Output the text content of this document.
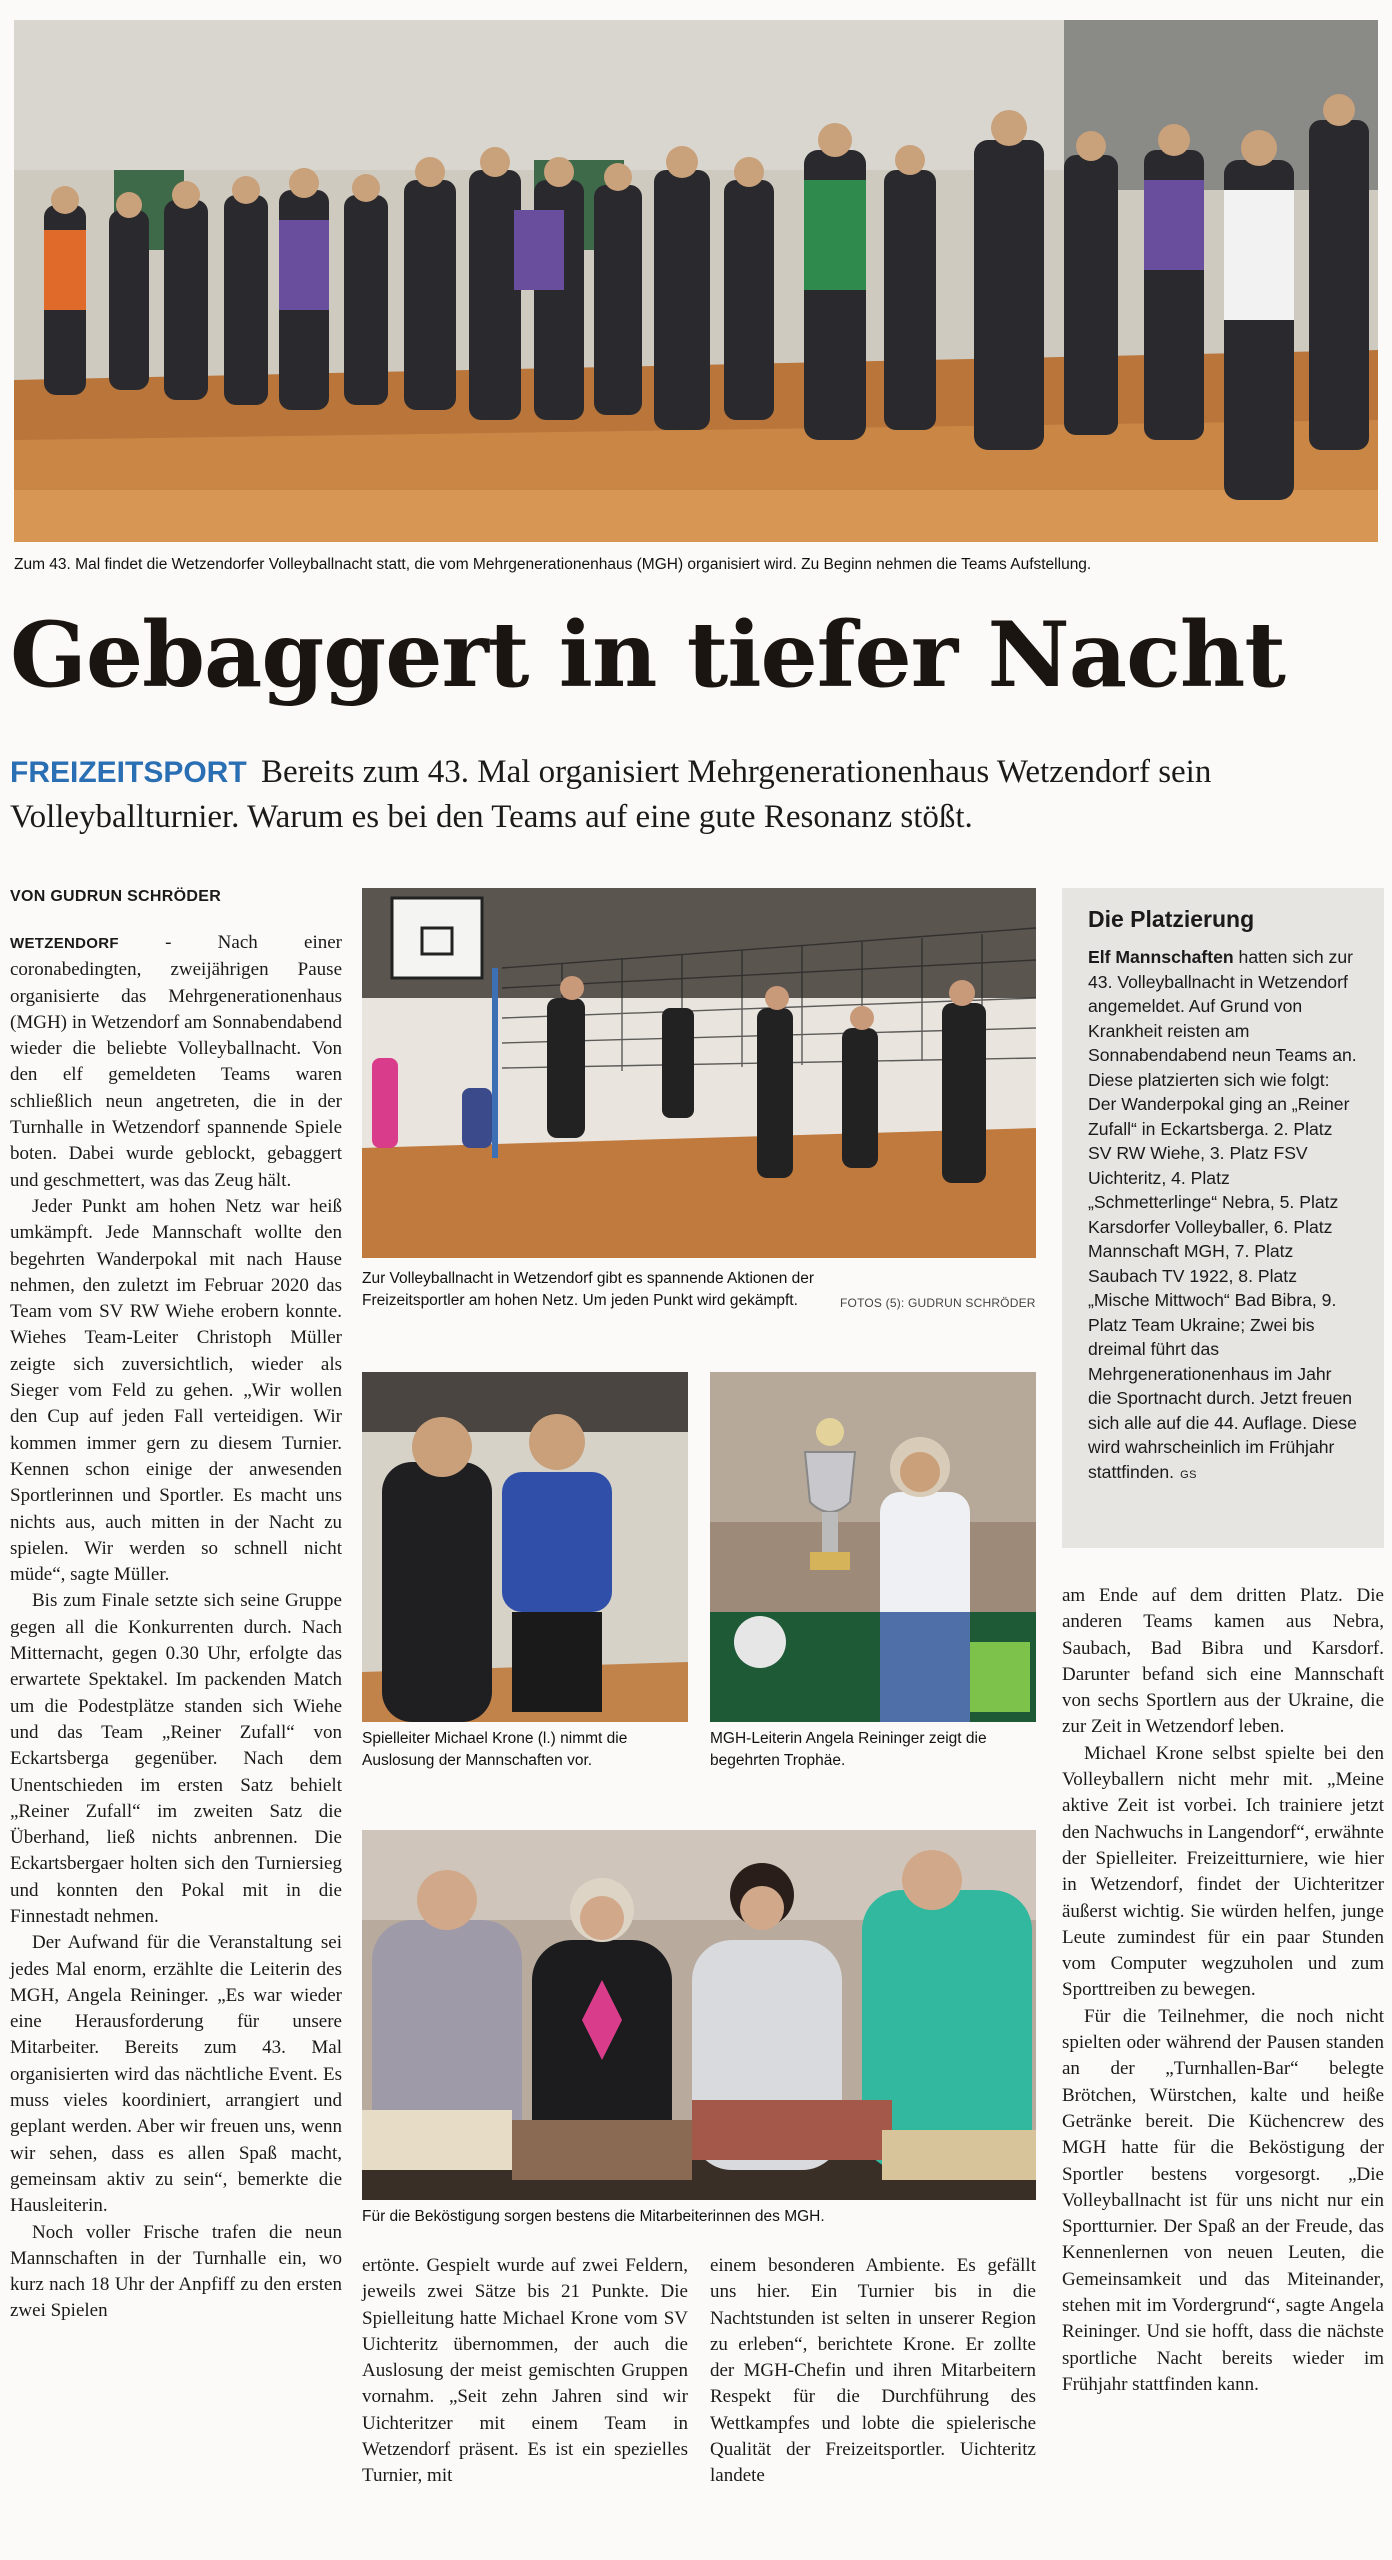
Zum 43. Mal findet die Wetzendorfer Volleyballnacht statt, die vom Mehrgenerationenhaus (MGH) organisiert wird. Zu Beginn nehmen die Teams Aufstellung.
Gebaggert in tiefer Nacht
FREIZEITSPORT Bereits zum 43. Mal organisiert Mehrgenerationenhaus Wetzendorf sein Volleyballturnier. Warum es bei den Teams auf eine gute Resonanz stößt.
VON GUDRUN SCHRÖDER

WETZENDORF - Nach einer coronabedingten, zweijährigen Pause organisierte das Mehrgenerationenhaus (MGH) in Wetzendorf am Sonnabendabend wieder die beliebte Volleyballnacht. Von den elf gemeldeten Teams waren schließlich neun angetreten, die in der Turnhalle in Wetzendorf spannende Spiele boten. Dabei wurde geblockt, gebaggert und geschmettert, was das Zeug hält.

Jeder Punkt am hohen Netz war heiß umkämpft. Jede Mannschaft wollte den begehrten Wanderpokal mit nach Hause nehmen, den zuletzt im Februar 2020 das Team vom SV RW Wiehe erobern konnte. Wiehes Team-Leiter Christoph Müller zeigte sich zuversichtlich, wieder als Sieger vom Feld zu gehen. „Wir wollen den Cup auf jeden Fall verteidigen. Wir kommen immer gern zu diesem Turnier. Kennen schon einige der anwesenden Sportlerinnen und Sportler. Es macht uns nichts aus, auch mitten in der Nacht zu spielen. Wir werden so schnell nicht müde“, sagte Müller.

Bis zum Finale setzte sich seine Gruppe gegen all die Konkurrenten durch. Nach Mitternacht, gegen 0.30 Uhr, erfolgte das erwartete Spektakel. Im packenden Match um die Podestplätze standen sich Wiehe und das Team „Reiner Zufall“ von Eckartsberga gegenüber. Nach dem Unentschieden im ersten Satz behielt „Reiner Zufall“ im zweiten Satz die Überhand, ließ nichts anbrennen. Die Eckartsbergaer holten sich den Turniersieg und konnten den Pokal mit in die Finnestadt nehmen.

Der Aufwand für die Veranstaltung sei jedes Mal enorm, erzählte die Leiterin des MGH, Angela Reininger. „Es war wieder eine Herausforderung für unsere Mitarbeiter. Bereits zum 43. Mal organisierten wird das nächtliche Event. Es muss vieles koordiniert, arrangiert und geplant werden. Aber wir freuen uns, wenn wir sehen, dass es allen Spaß macht, gemeinsam aktiv zu sein“, bemerkte die Hausleiterin.

Noch voller Frische trafen die neun Mannschaften in der Turnhalle ein, wo kurz nach 18 Uhr der Anpfiff zu den ersten zwei Spielen

Zur Volleyballnacht in Wetzendorf gibt es spannende Aktionen der Freizeitsportler am hohen Netz. Um jeden Punkt wird gekämpft.	FOTOS (5): GUDRUN SCHRÖDER
Die Platzierung
Elf Mannschaften hatten sich zur 43. Volleyballnacht in Wetzendorf angemeldet. Auf Grund von Krankheit reisten am Sonnabendabend neun Teams an. Diese platzierten sich wie folgt: Der Wanderpokal ging an „Reiner Zufall“ in Eckartsberga. 2. Platz SV RW Wiehe, 3. Platz FSV Uichteritz, 4. Platz „Schmetterlinge“ Nebra, 5. Platz Karsdorfer Volleyballer, 6. Platz Mannschaft MGH, 7. Platz Saubach TV 1922, 8. Platz „Mische Mittwoch“ Bad Bibra, 9. Platz Team Ukraine; Zwei bis dreimal führt das Mehrgenerationenhaus im Jahr die Sportnacht durch. Jetzt freuen sich alle auf die 44. Auflage. Diese wird wahrscheinlich im Frühjahr stattfinden. GS
Spielleiter Michael Krone (l.) nimmt die Auslosung der Mannschaften vor.
MGH-Leiterin Angela Reininger zeigt die begehrten Trophäe.
Für die Beköstigung sorgen bestens die Mitarbeiterinnen des MGH.

ertönte. Gespielt wurde auf zwei Feldern, jeweils zwei Sätze bis 21 Punkte. Die Spielleitung hatte Michael Krone vom SV Uichteritz übernommen, der auch die Auslosung der meist gemischten Gruppen vornahm. „Seit zehn Jahren sind wir Uichteritzer mit einem Team in Wetzendorf präsent. Es ist ein spezielles Turnier, mit

einem besonderen Ambiente. Es gefällt uns hier. Ein Turnier bis in die Nachtstunden ist selten in unserer Region zu erleben“, berichtete Krone. Er zollte der MGH-Chefin und ihren Mitarbeitern Respekt für die Durchführung des Wettkampfes und lobte die spielerische Qualität der Freizeitsportler. Uichteritz landete

am Ende auf dem dritten Platz. Die anderen Teams kamen aus Nebra, Saubach, Bad Bibra und Karsdorf. Darunter befand sich eine Mannschaft von sechs Sportlern aus der Ukraine, die zur Zeit in Wetzendorf leben.

Michael Krone selbst spielte bei den Volleyballern nicht mehr mit. „Meine aktive Zeit ist vorbei. Ich trainiere jetzt den Nachwuchs in Langendorf“, erwähnte der Spielleiter. Freizeitturniere, wie hier in Wetzendorf, findet der Uichteritzer äußerst wichtig. Sie würden helfen, junge Leute zumindest für ein paar Stunden vom Computer wegzuholen und zum Sporttreiben zu bewegen.

Für die Teilnehmer, die noch nicht spielten oder während der Pausen standen an der „Turnhallen-Bar“ belegte Brötchen, Würstchen, kalte und heiße Getränke bereit. Die Küchencrew des MGH hatte für die Beköstigung der Sportler bestens vorgesorgt. „Die Volleyballnacht ist für uns nicht nur ein Sportturnier. Der Spaß an der Freude, das Kennenlernen von neuen Leuten, die Gemeinsamkeit und das Miteinander, stehen mit im Vordergrund“, sagte Angela Reininger. Und sie hofft, dass die nächste sportliche Nacht bereits wieder im Frühjahr stattfinden kann.
